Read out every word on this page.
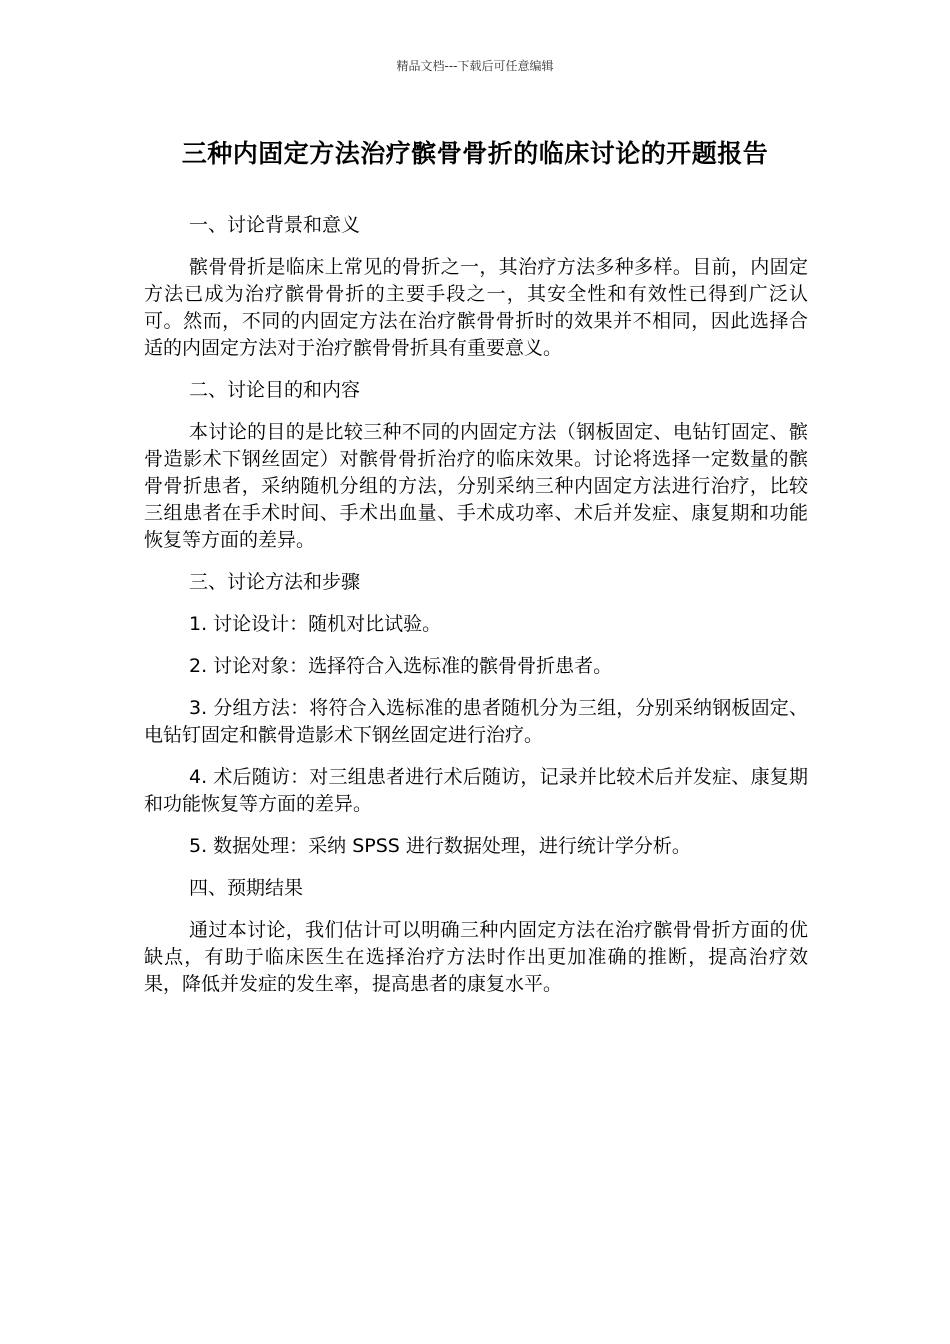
精品文档---下载后可任意编辑
三种内固定方法治疗髌骨骨折的临床讨论的开题报告

一、讨论背景和意义

髌骨骨折是临床上常见的骨折之一，其治疗方法多种多样。目前，内固定方法已成为治疗髌骨骨折的主要手段之一，其安全性和有效性已得到广泛认可。然而，不同的内固定方法在治疗髌骨骨折时的效果并不相同，因此选择合适的内固定方法对于治疗髌骨骨折具有重要意义。

二、讨论目的和内容

本讨论的目的是比较三种不同的内固定方法（钢板固定、电钻钉固定、髌骨造影术下钢丝固定）对髌骨骨折治疗的临床效果。讨论将选择一定数量的髌骨骨折患者，采纳随机分组的方法，分别采纳三种内固定方法进行治疗，比较三组患者在手术时间、手术出血量、手术成功率、术后并发症、康复期和功能恢复等方面的差异。

三、讨论方法和步骤

1. 讨论设计：随机对比试验。

2. 讨论对象：选择符合入选标准的髌骨骨折患者。

3. 分组方法：将符合入选标准的患者随机分为三组，分别采纳钢板固定、电钻钉固定和髌骨造影术下钢丝固定进行治疗。

4. 术后随访：对三组患者进行术后随访，记录并比较术后并发症、康复期和功能恢复等方面的差异。

5. 数据处理：采纳 SPSS 进行数据处理，进行统计学分析。

四、预期结果

通过本讨论，我们估计可以明确三种内固定方法在治疗髌骨骨折方面的优缺点，有助于临床医生在选择治疗方法时作出更加准确的推断，提高治疗效果，降低并发症的发生率，提高患者的康复水平。
